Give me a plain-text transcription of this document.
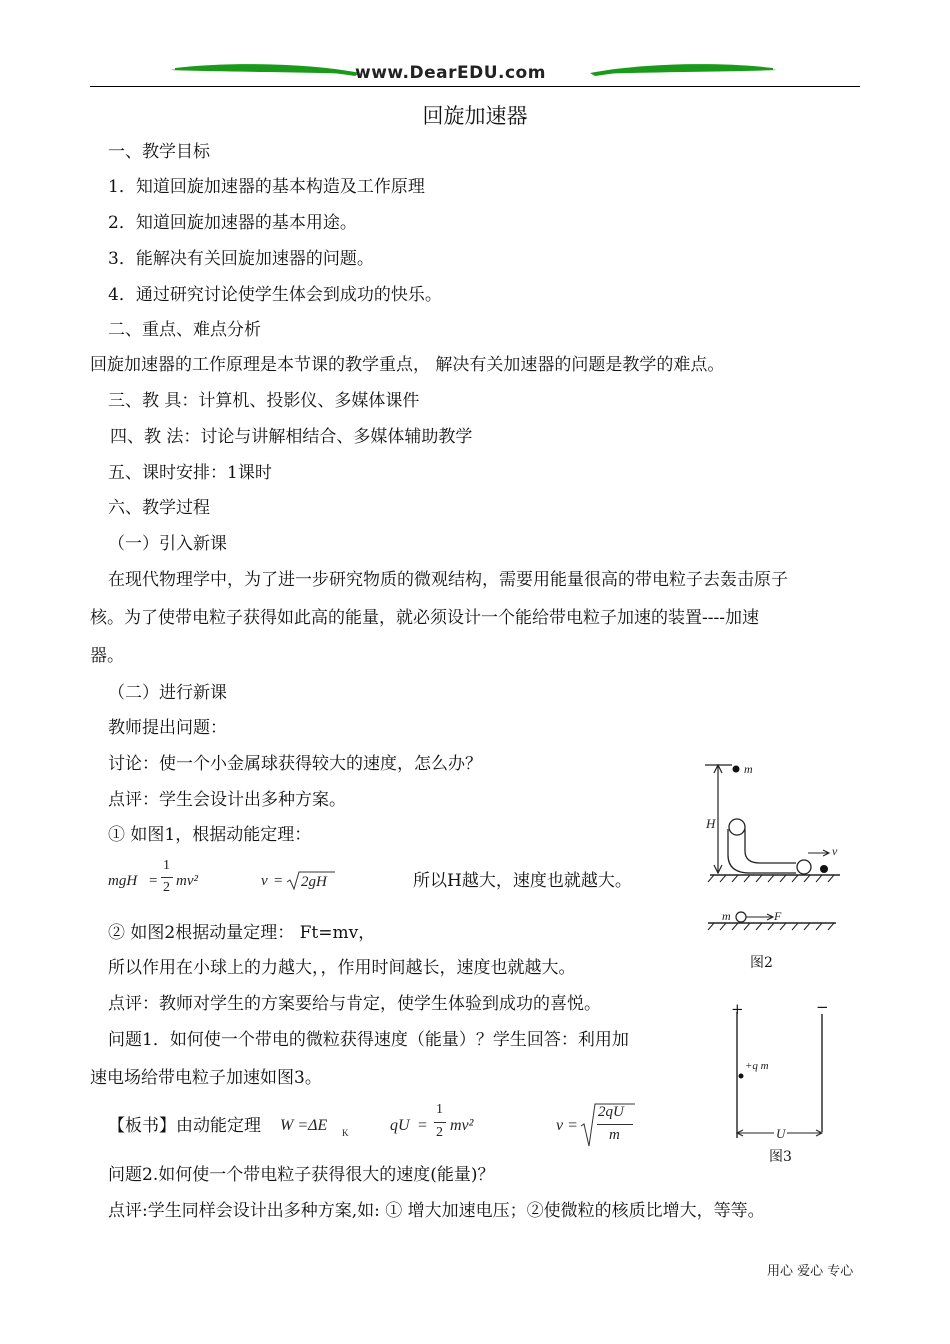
www.DearEDU.com
回旋加速器
一、教学目标
1．知道回旋加速器的基本构造及工作原理
2．知道回旋加速器的基本用途。
3．能解决有关回旋加速器的问题。
4．通过研究讨论使学生体会到成功的快乐。
二、重点、难点分析
回旋加速器的工作原理是本节课的教学重点， 解决有关加速器的问题是教学的难点。
三、教 具：计算机、投影仪、多媒体课件
四、教 法：讨论与讲解相结合、多媒体辅助教学
五、课时安排：1课时
六、教学过程
（一）引入新课
在现代物理学中，为了进一步研究物质的微观结构，需要用能量很高的带电粒子去轰击原子
核。为了使带电粒子获得如此高的能量，就必须设计一个能给带电粒子加速的装置----加速
器。
（二）进行新课
教师提出问题：
讨论：使一个小金属球获得较大的速度，怎么办？
点评：学生会设计出多种方案。
① 如图1，根据动能定理：
mgH =
1
2 mv²	v = 2gH	所以H越大，速度也就越大。
② 如图2根据动量定理： Ft=mv，
所以作用在小球上的力越大，，作用时间越长，速度也就越大。
点评：教师对学生的方案要给与肯定，使学生体验到成功的喜悦。
问题1．如何使一个带电的微粒获得速度（能量）？学生回答：利用加
速电场给带电粒子加速如图3。
【板书】由动能定理 W =ΔE K	qU =
1
2 mv²	v =
2qU
m
问题2.如何使一个带电粒子获得很大的速度(能量)？
点评:学生同样会设计出多种方案,如: ① 增大加速电压；②使微粒的核质比增大，等等。
m
H
v
m	F
图2
+	−
+q m
U
图3
用心 爱心 专心
